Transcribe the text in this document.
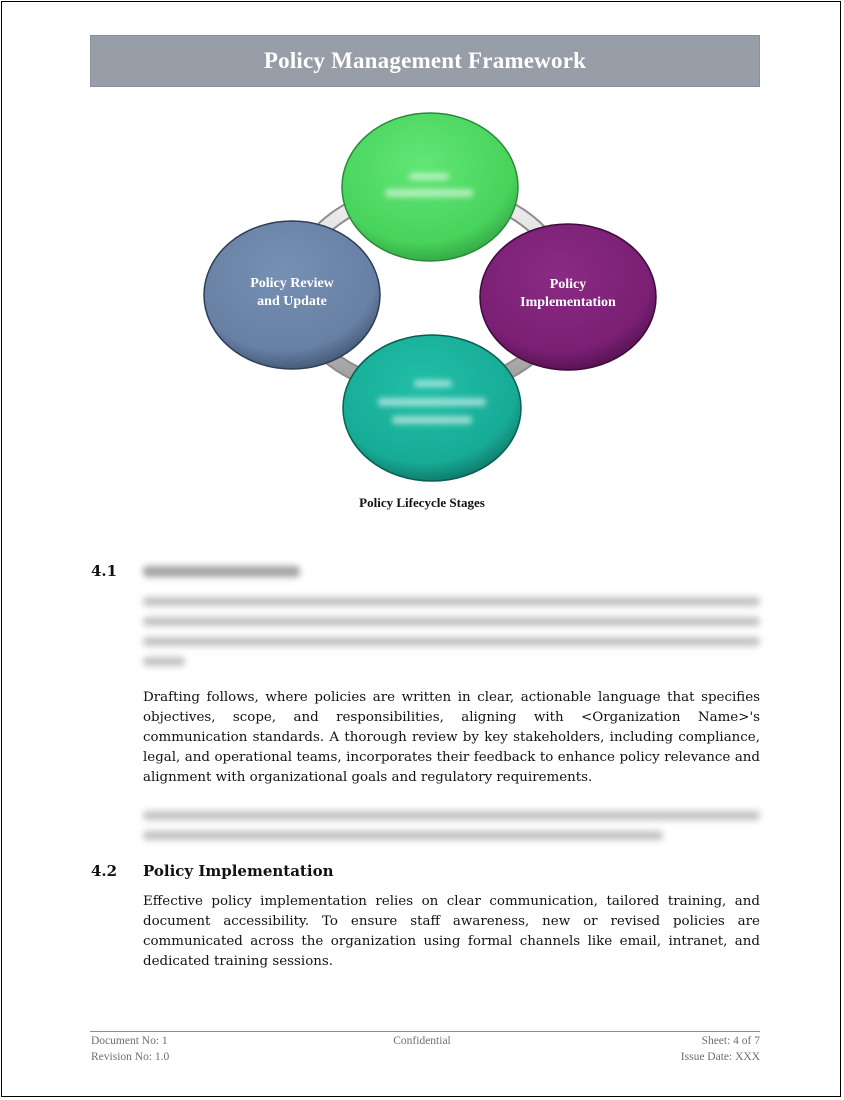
Policy Management Framework
Policy
Implementation
Policy Review
and Update
Policy Lifecycle Stages
4.1
Drafting follows, where policies are written in clear, actionable language that specifies objectives, scope, and responsibilities, aligning with <Organization Name>'s communication standards. A thorough review by key stakeholders, including compliance, legal, and operational teams, incorporates their feedback to enhance policy relevance and alignment with organizational goals and regulatory requirements.
4.2 Policy Implementation
Effective policy implementation relies on clear communication, tailored training, and document accessibility. To ensure staff awareness, new or revised policies are communicated across the organization using formal channels like email, intranet, and dedicated training sessions.
Document No: 1
Revision No: 1.0
Confidential	Sheet: 4 of 7
Issue Date: XXX
